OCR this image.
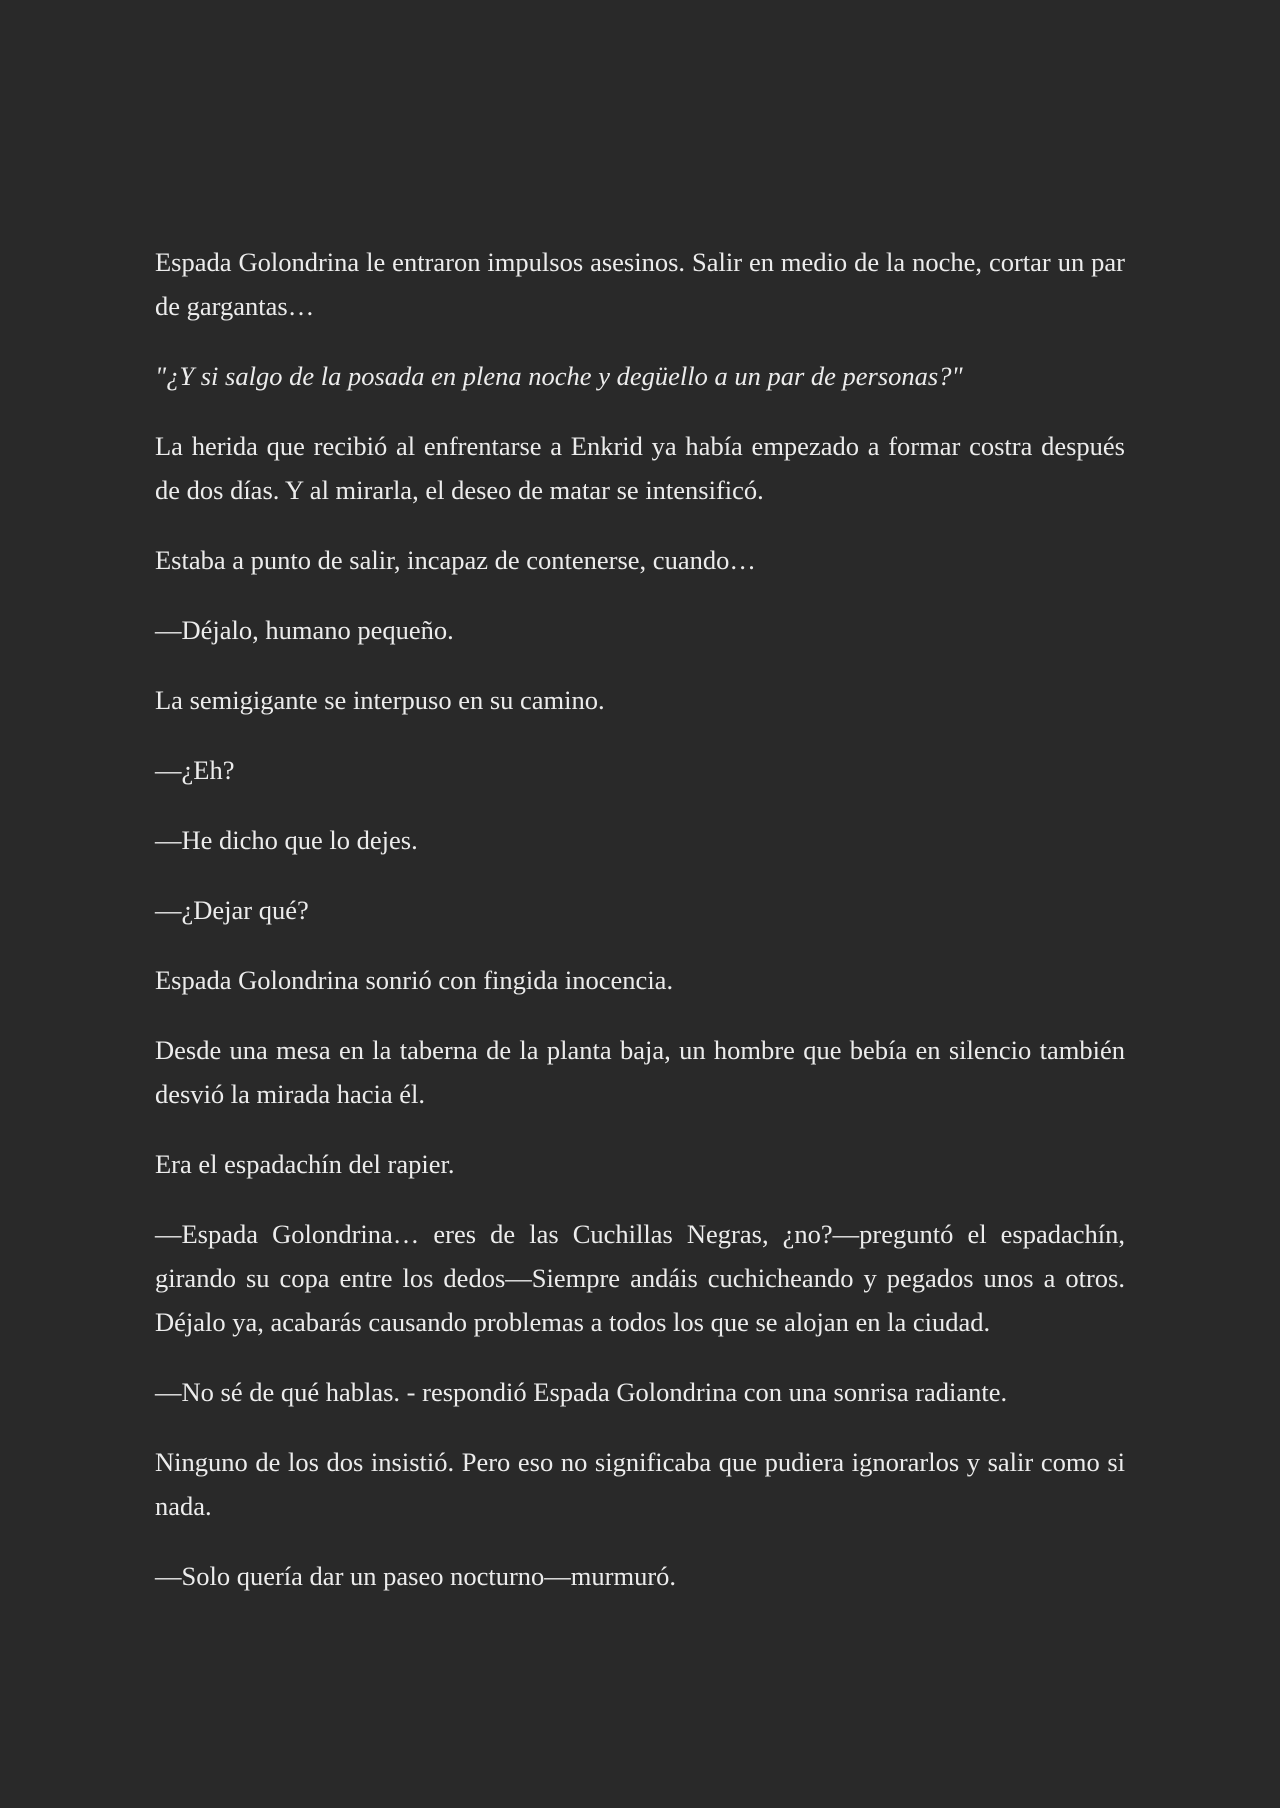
Espada Golondrina le entraron impulsos asesinos. Salir en medio de la noche, cortar un par de gargantas…

"¿Y si salgo de la posada en plena noche y degüello a un par de personas?"

La herida que recibió al enfrentarse a Enkrid ya había empezado a formar costra después de dos días. Y al mirarla, el deseo de matar se intensificó.

Estaba a punto de salir, incapaz de contenerse, cuando…

—Déjalo, humano pequeño.

La semigigante se interpuso en su camino.

—¿Eh?

—He dicho que lo dejes.

—¿Dejar qué?

Espada Golondrina sonrió con fingida inocencia.

Desde una mesa en la taberna de la planta baja, un hombre que bebía en silencio también desvió la mirada hacia él.

Era el espadachín del rapier.

—Espada Golondrina… eres de las Cuchillas Negras, ¿no?—preguntó el espadachín, girando su copa entre los dedos—Siempre andáis cuchicheando y pegados unos a otros. Déjalo ya, acabarás causando problemas a todos los que se alojan en la ciudad.

—No sé de qué hablas. - respondió Espada Golondrina con una sonrisa radiante.

Ninguno de los dos insistió. Pero eso no significaba que pudiera ignorarlos y salir como si nada.

—Solo quería dar un paseo nocturno—murmuró.
